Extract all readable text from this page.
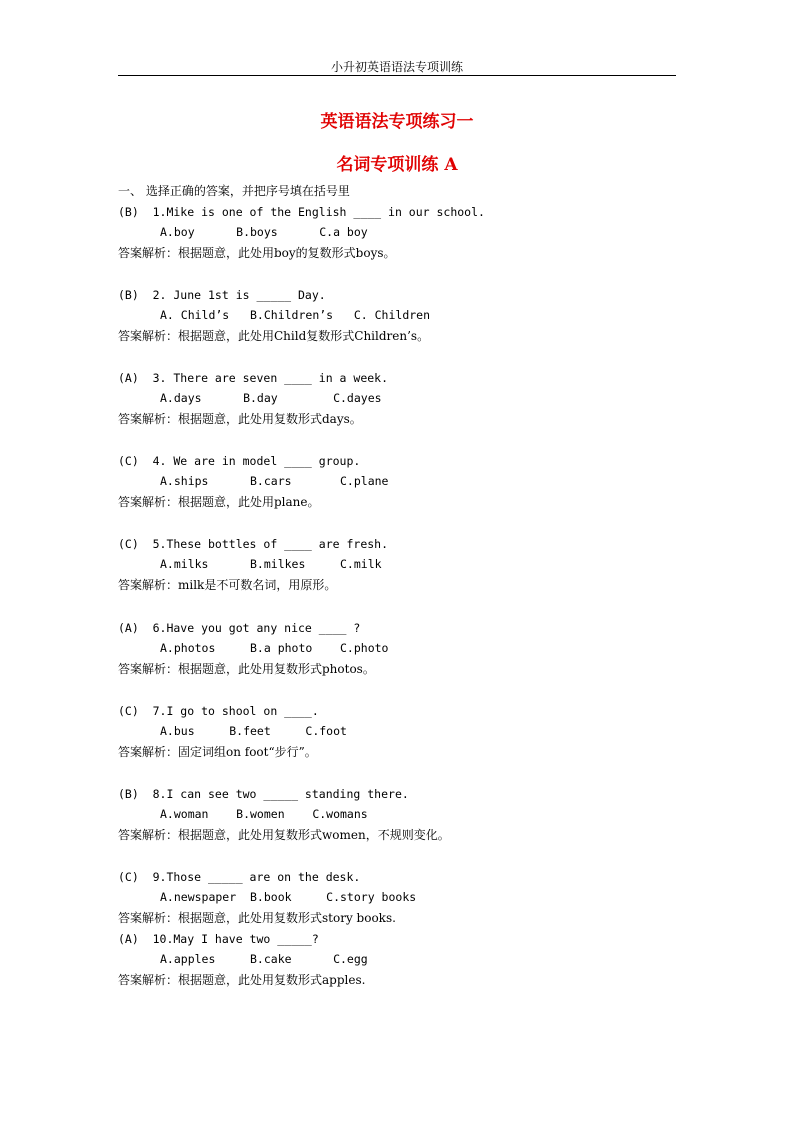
小升初英语语法专项训练
英语语法专项练习一
名词专项训练 A
一、 选择正确的答案，并把序号填在括号里
(B)  1.Mike is one of the English ____ in our school.
A.boy      B.boys      C.a boy
答案解析：根据题意，此处用boy的复数形式boys。
(B)  2. June 1st is _____ Day.
A. Child’s   B.Children’s   C. Children
答案解析：根据题意，此处用Child复数形式Children’s。
(A)  3. There are seven ____ in a week.
A.days      B.day        C.dayes
答案解析：根据题意，此处用复数形式days。
(C)  4. We are in model ____ group.
A.ships      B.cars       C.plane
答案解析：根据题意，此处用plane。
(C)  5.These bottles of ____ are fresh.
A.milks      B.milkes     C.milk
答案解析：milk是不可数名词，用原形。
(A)  6.Have you got any nice ____ ?
A.photos     B.a photo    C.photo
答案解析：根据题意，此处用复数形式photos。
(C)  7.I go to shool on ____.
A.bus     B.feet     C.foot
答案解析：固定词组on foot“步行”。
(B)  8.I can see two _____ standing there.
A.woman    B.women    C.womans
答案解析：根据题意，此处用复数形式women，不规则变化。
(C)  9.Those _____ are on the desk.
A.newspaper  B.book     C.story books
答案解析：根据题意，此处用复数形式story books.
(A)  10.May I have two _____?
A.apples     B.cake      C.egg
答案解析：根据题意，此处用复数形式apples.
